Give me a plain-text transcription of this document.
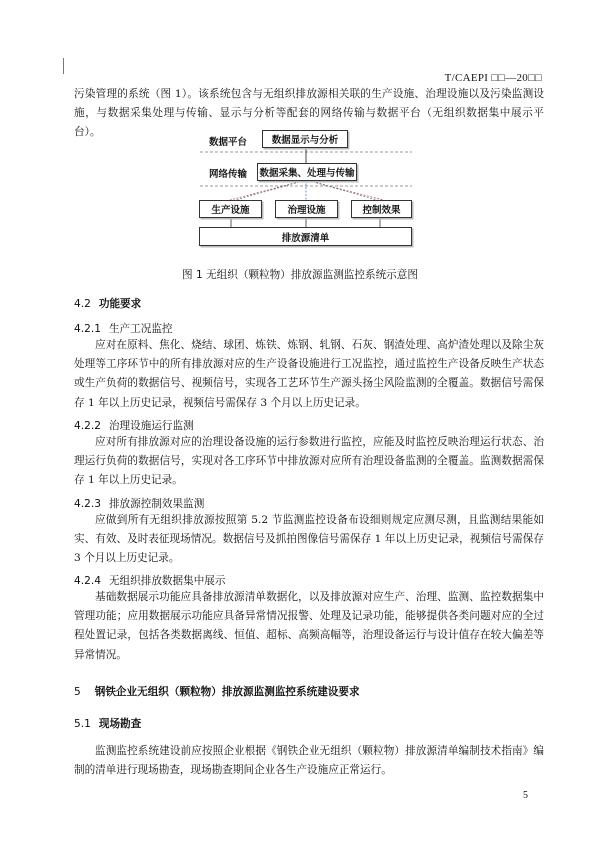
T/CAEPI □□—20□□
污染管理的系统（图 1）。该系统包含与无组织排放源相关联的生产设施、治理设施以及污染监测设施，与数据采集处理与传输、显示与分析等配套的网络传输与数据平台（无组织数据集中展示平台）。
数据平台
网络传输
数据显示与分析
数据采集、处理与传输
生产设施	治理设施	控制效果
排放源清单
图 1 无组织（颗粒物）排放源监测监控系统示意图
4.2 功能要求
4.2.1 生产工况监控
应对在原料、焦化、烧结、球团、炼铁、炼钢、轧钢、石灰、钢渣处理、高炉渣处理以及除尘灰处理等工序环节中的所有排放源对应的生产设备设施进行工况监控，通过监控生产设备反映生产状态或生产负荷的数据信号、视频信号，实现各工艺环节生产源头扬尘风险监测的全覆盖。数据信号需保存 1 年以上历史记录，视频信号需保存 3 个月以上历史记录。
4.2.2 治理设施运行监测
应对所有排放源对应的治理设备设施的运行参数进行监控，应能及时监控反映治理运行状态、治理运行负荷的数据信号，实现对各工序环节中排放源对应所有治理设备监测的全覆盖。监测数据需保存 1 年以上历史记录。
4.2.3 排放源控制效果监测
应做到所有无组织排放源按照第 5.2 节监测监控设备布设细则规定应测尽测，且监测结果能如实、有效、及时表征现场情况。数据信号及抓拍图像信号需保存 1 年以上历史记录，视频信号需保存 3 个月以上历史记录。
4.2.4 无组织排放数据集中展示
基础数据展示功能应具备排放源清单数据化，以及排放源对应生产、治理、监测、监控数据集中管理功能；应用数据展示功能应具备异常情况报警、处理及记录功能，能够提供各类问题对应的全过程处置记录，包括各类数据离线、恒值、超标、高频高幅等，治理设备运行与设计值存在较大偏差等异常情况。
5 钢铁企业无组织（颗粒物）排放源监测监控系统建设要求
5.1 现场勘查
监测监控系统建设前应按照企业根据《钢铁企业无组织（颗粒物）排放源清单编制技术指南》编制的清单进行现场勘查，现场勘查期间企业各生产设施应正常运行。
5
